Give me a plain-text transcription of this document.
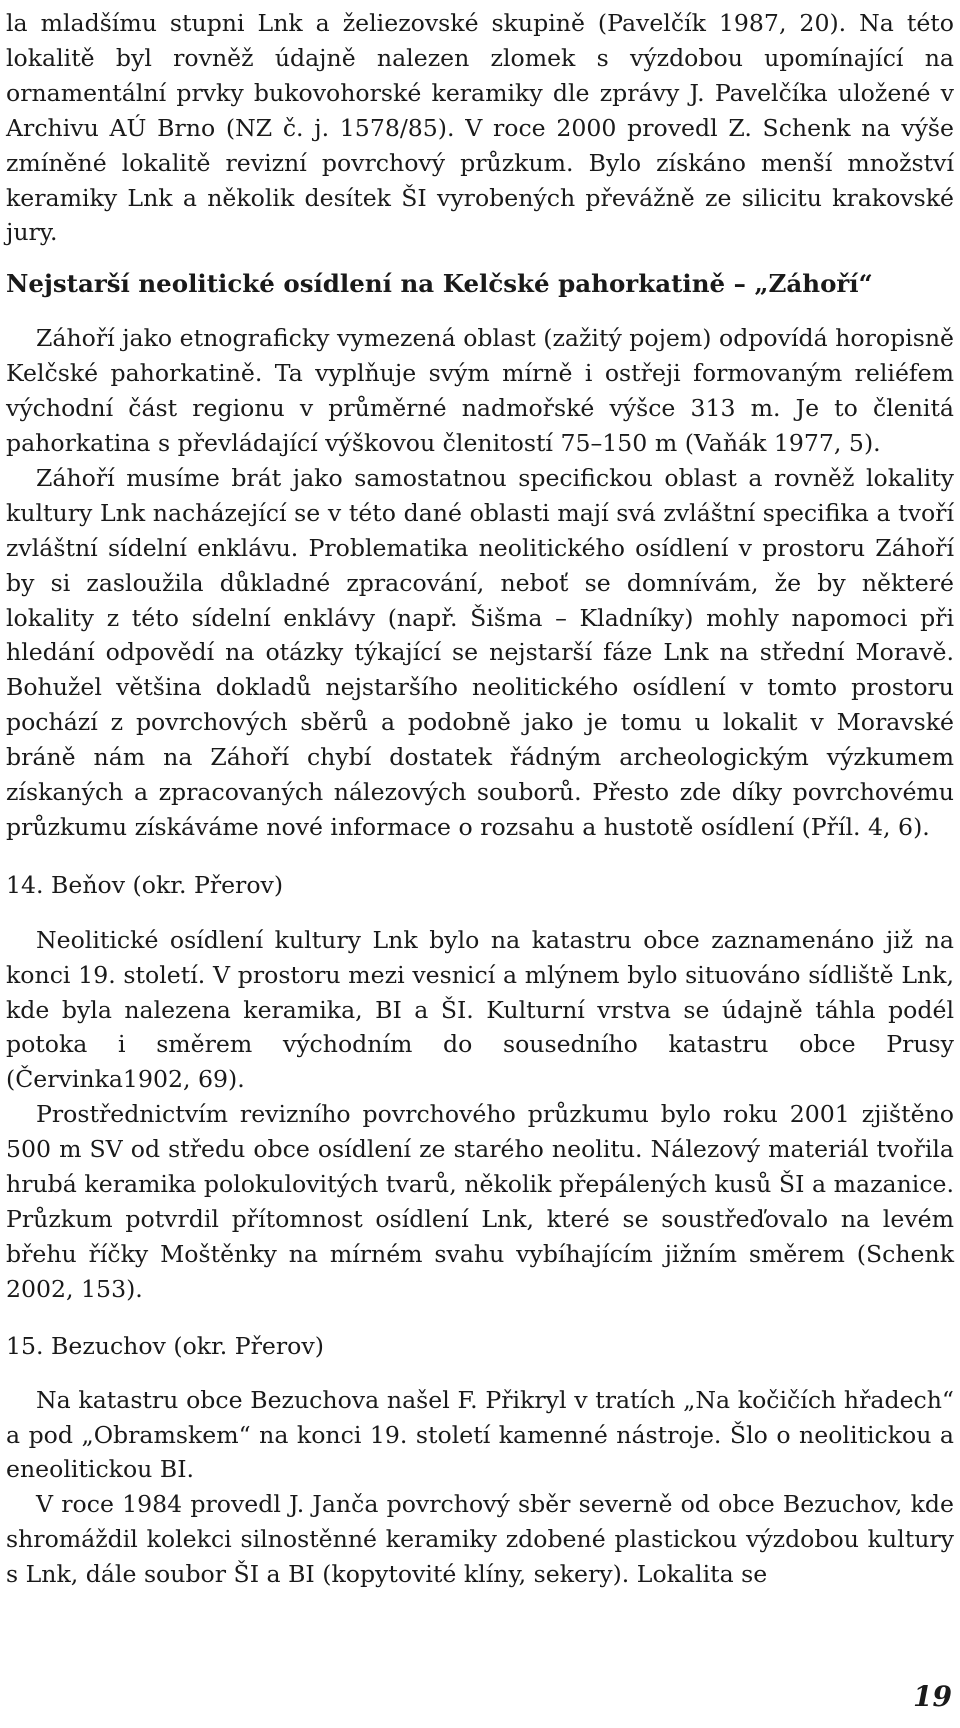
la mladšímu stupni Lnk a želiezovské skupině (Pavelčík 1987, 20). Na této lokalitě byl rovněž údajně nalezen zlomek s výzdobou upomínající na ornamentální prvky bukovohorské keramiky dle zprávy J. Pavelčíka uložené v Archivu AÚ Brno (NZ č. j. 1578/85). V roce 2000 provedl Z. Schenk na výše zmíněné lokalitě revizní povrchový průzkum. Bylo získáno menší množství keramiky Lnk a několik desítek ŠI vyrobených převážně ze silicitu krakovské jury.

Nejstarší neolitické osídlení na Kelčské pahorkatině – „Záhoří“

Záhoří jako etnograficky vymezená oblast (zažitý pojem) odpovídá horopisně Kelčské pahorkatině. Ta vyplňuje svým mírně i ostřeji formovaným reliéfem východní část regionu v průměrné nadmořské výšce 313 m. Je to členitá pahorkatina s převládající výškovou členitostí 75–150 m (Vaňák 1977, 5).

Záhoří musíme brát jako samostatnou specifickou oblast a rovněž lokality kultury Lnk nacházející se v této dané oblasti mají svá zvláštní specifika a tvoří zvláštní sídelní enklávu. Problematika neolitického osídlení v prostoru Záhoří by si zasloužila důkladné zpracování, neboť se domnívám, že by některé lokality z této sídelní enklávy (např. Šišma – Kladníky) mohly napomoci při hledání odpovědí na otázky týkající se nejstarší fáze Lnk na střední Moravě. Bohužel většina dokladů nejstaršího neolitického osídlení v tomto prostoru pochází z povrchových sběrů a podobně jako je tomu u lokalit v Moravské bráně nám na Záhoří chybí dostatek řádným archeologickým výzkumem získaných a zpracovaných nálezových souborů. Přesto zde díky povrchovému průzkumu získáváme nové informace o rozsahu a hustotě osídlení (Příl. 4, 6).

14. Beňov (okr. Přerov)

Neolitické osídlení kultury Lnk bylo na katastru obce zaznamenáno již na konci 19. století. V prostoru mezi vesnicí a mlýnem bylo situováno sídliště Lnk, kde byla nalezena keramika, BI a ŠI. Kulturní vrstva se údajně táhla podél potoka i směrem východním do sousedního katastru obce Prusy (Červinka1902, 69).

Prostřednictvím revizního povrchového průzkumu bylo roku 2001 zjištěno 500 m SV od středu obce osídlení ze starého neolitu. Nálezový materiál tvořila hrubá keramika polokulovitých tvarů, několik přepálených kusů ŠI a mazanice. Průzkum potvrdil přítomnost osídlení Lnk, které se soustřeďovalo na levém břehu říčky Moštěnky na mírném svahu vybíhajícím jižním směrem (Schenk 2002, 153).

15. Bezuchov (okr. Přerov)

Na katastru obce Bezuchova našel F. Přikryl v tratích „Na kočičích hřadech“ a pod „Obramskem“ na konci 19. století kamenné nástroje. Šlo o neolitickou a eneolitickou BI.

V roce 1984 provedl J. Janča povrchový sběr severně od obce Bezuchov, kde shromáždil kolekci silnostěnné keramiky zdobené plastickou výzdobou kultury s Lnk, dále soubor ŠI a BI (kopytovité klíny, sekery). Lokalita se

19
